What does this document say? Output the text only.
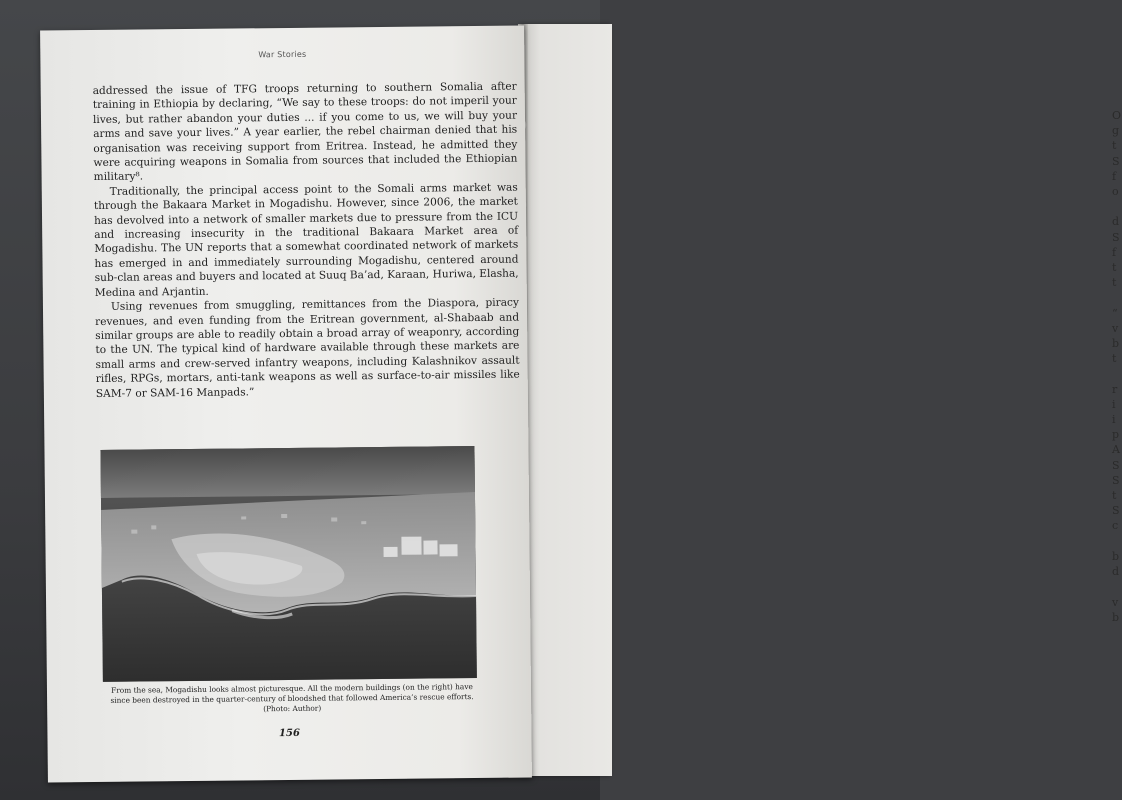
O
g
t
S
f
o

d
S
f
t
t

“
v
b
t

r
i
i
p
A
S
S
t
S
c

b
d

v
b
War Stories

addressed the issue of TFG troops returning to southern Somalia after training in Ethiopia by declaring, “We say to these troops: do not imperil your lives, but rather abandon your duties ... if you come to us, we will buy your arms and save your lives.” A year earlier, the rebel chairman denied that his organisation was receiving support from Eritrea. Instead, he admitted they were acquiring weapons in Somalia from sources that included the Ethiopian military⁸.

Traditionally, the principal access point to the Somali arms market was through the Bakaara Market in Mogadishu. However, since 2006, the market has devolved into a network of smaller markets due to pressure from the ICU and increasing insecurity in the traditional Bakaara Market area of Mogadishu. The UN reports that a somewhat coordinated network of markets has emerged in and immediately surrounding Mogadishu, centered around sub-clan areas and buyers and located at Suuq Ba’ad, Karaan, Huriwa, Elasha, Medina and Arjantin.

Using revenues from smuggling, remittances from the Diaspora, piracy revenues, and even funding from the Eritrean government, al-Shabaab and similar groups are able to readily obtain a broad array of weaponry, according to the UN. The typical kind of hardware available through these markets are small arms and crew-served infantry weapons, including Kalashnikov assault rifles, RPGs, mortars, anti-tank weapons as well as surface-to-air missiles like SAM-7 or SAM-16 Manpads.”

From the sea, Mogadishu looks almost picturesque. All the modern buildings (on the right) have since been destroyed in the quarter-century of bloodshed that followed America’s rescue efforts. (Photo: Author)
156
